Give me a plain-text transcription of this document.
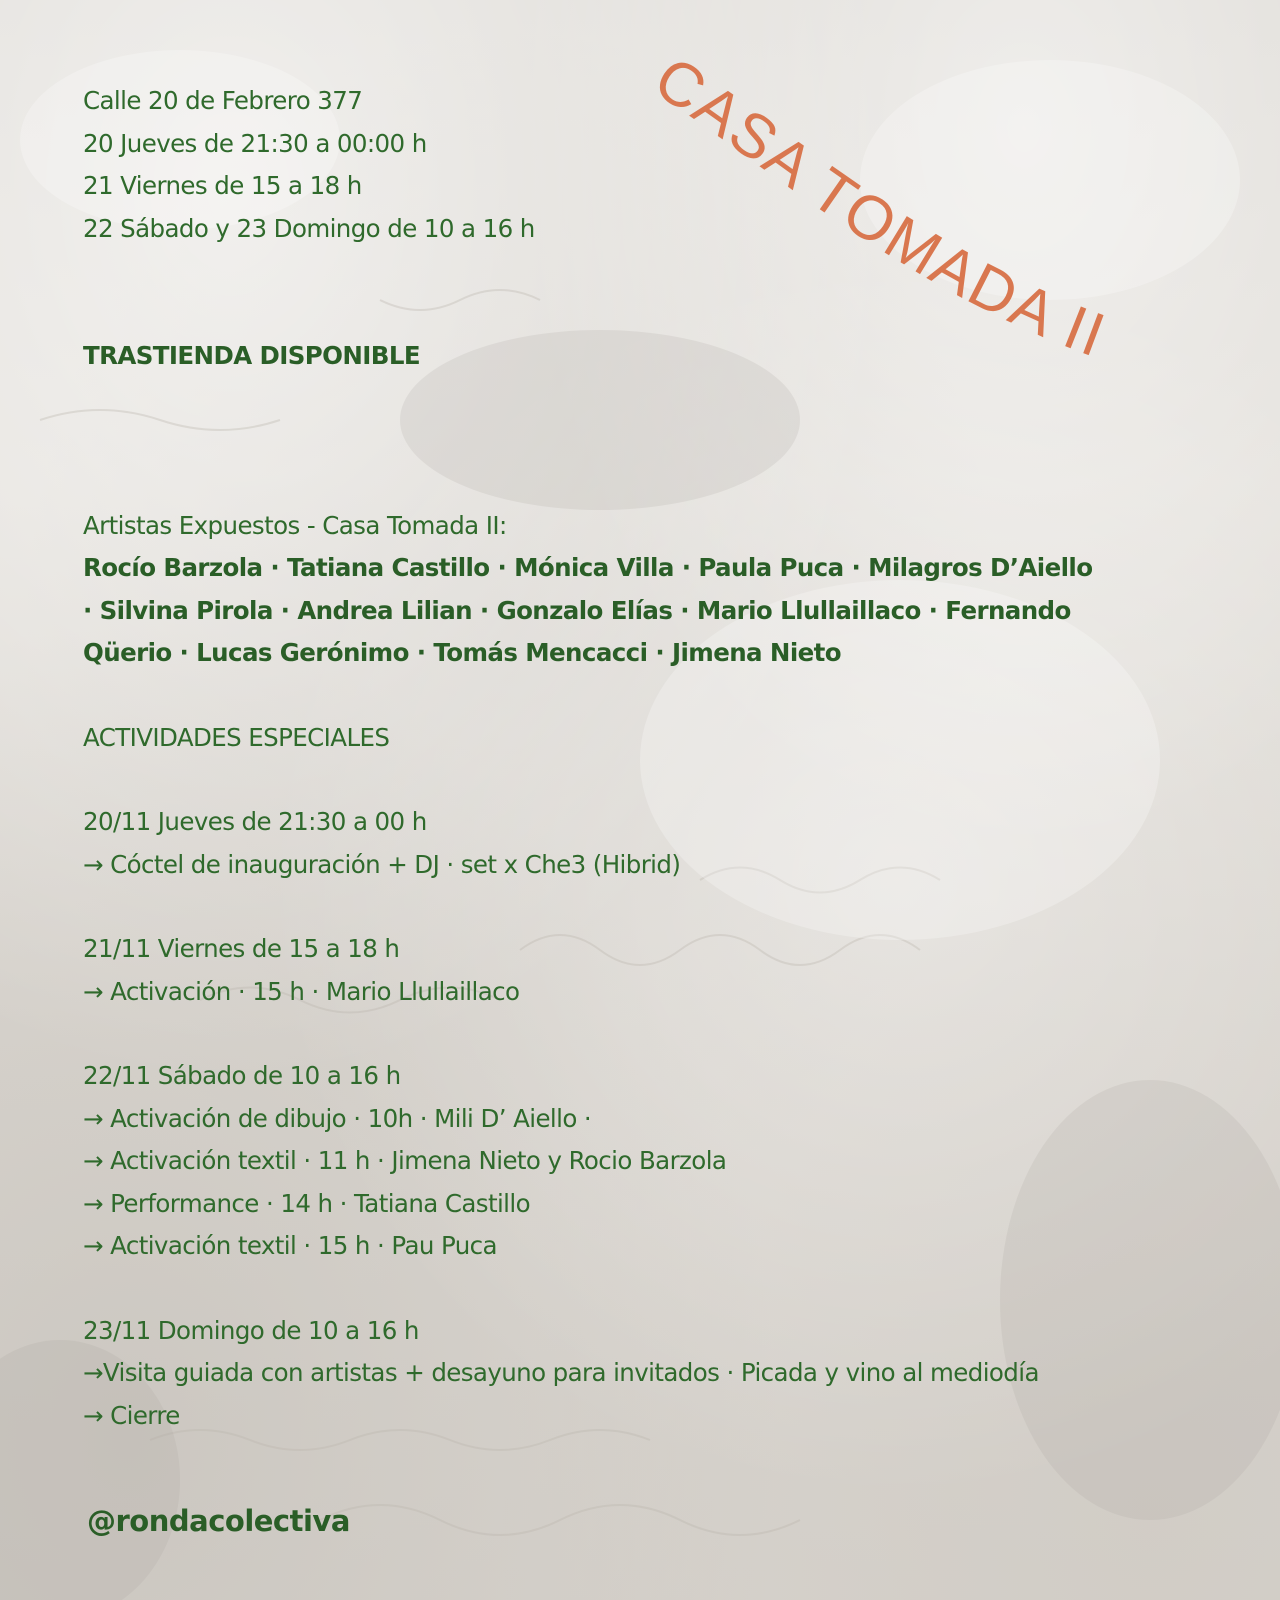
CASA TOMADA II
Calle 20 de Febrero 377
20 Jueves de 21:30 a 00:00 h
21 Viernes de 15 a 18 h
22 Sábado y 23 Domingo de 10 a 16 h
TRASTIENDA DISPONIBLE
Artistas Expuestos - Casa Tomada II:
Rocío Barzola · Tatiana Castillo · Mónica Villa · Paula Puca · Milagros D’Aiello
· Silvina Pirola · Andrea Lilian · Gonzalo Elías · Mario Llullaillaco · Fernando
Qüerio · Lucas Gerónimo · Tomás Mencacci · Jimena Nieto
ACTIVIDADES ESPECIALES
20/11 Jueves de 21:30 a 00 h
→ Cóctel de inauguración + DJ · set x Che3 (Hibrid)
21/11 Viernes de 15 a 18 h
→ Activación · 15 h · Mario Llullaillaco
22/11 Sábado de 10 a 16 h
→ Activación de dibujo · 10h · Mili D’ Aiello ·
→ Activación textil · 11 h · Jimena Nieto y Rocio Barzola
→ Performance · 14 h · Tatiana Castillo
→ Activación textil · 15 h · Pau Puca
23/11 Domingo de 10 a 16 h
→Visita guiada con artistas + desayuno para invitados · Picada y vino al mediodía
→ Cierre
@rondacolectiva
